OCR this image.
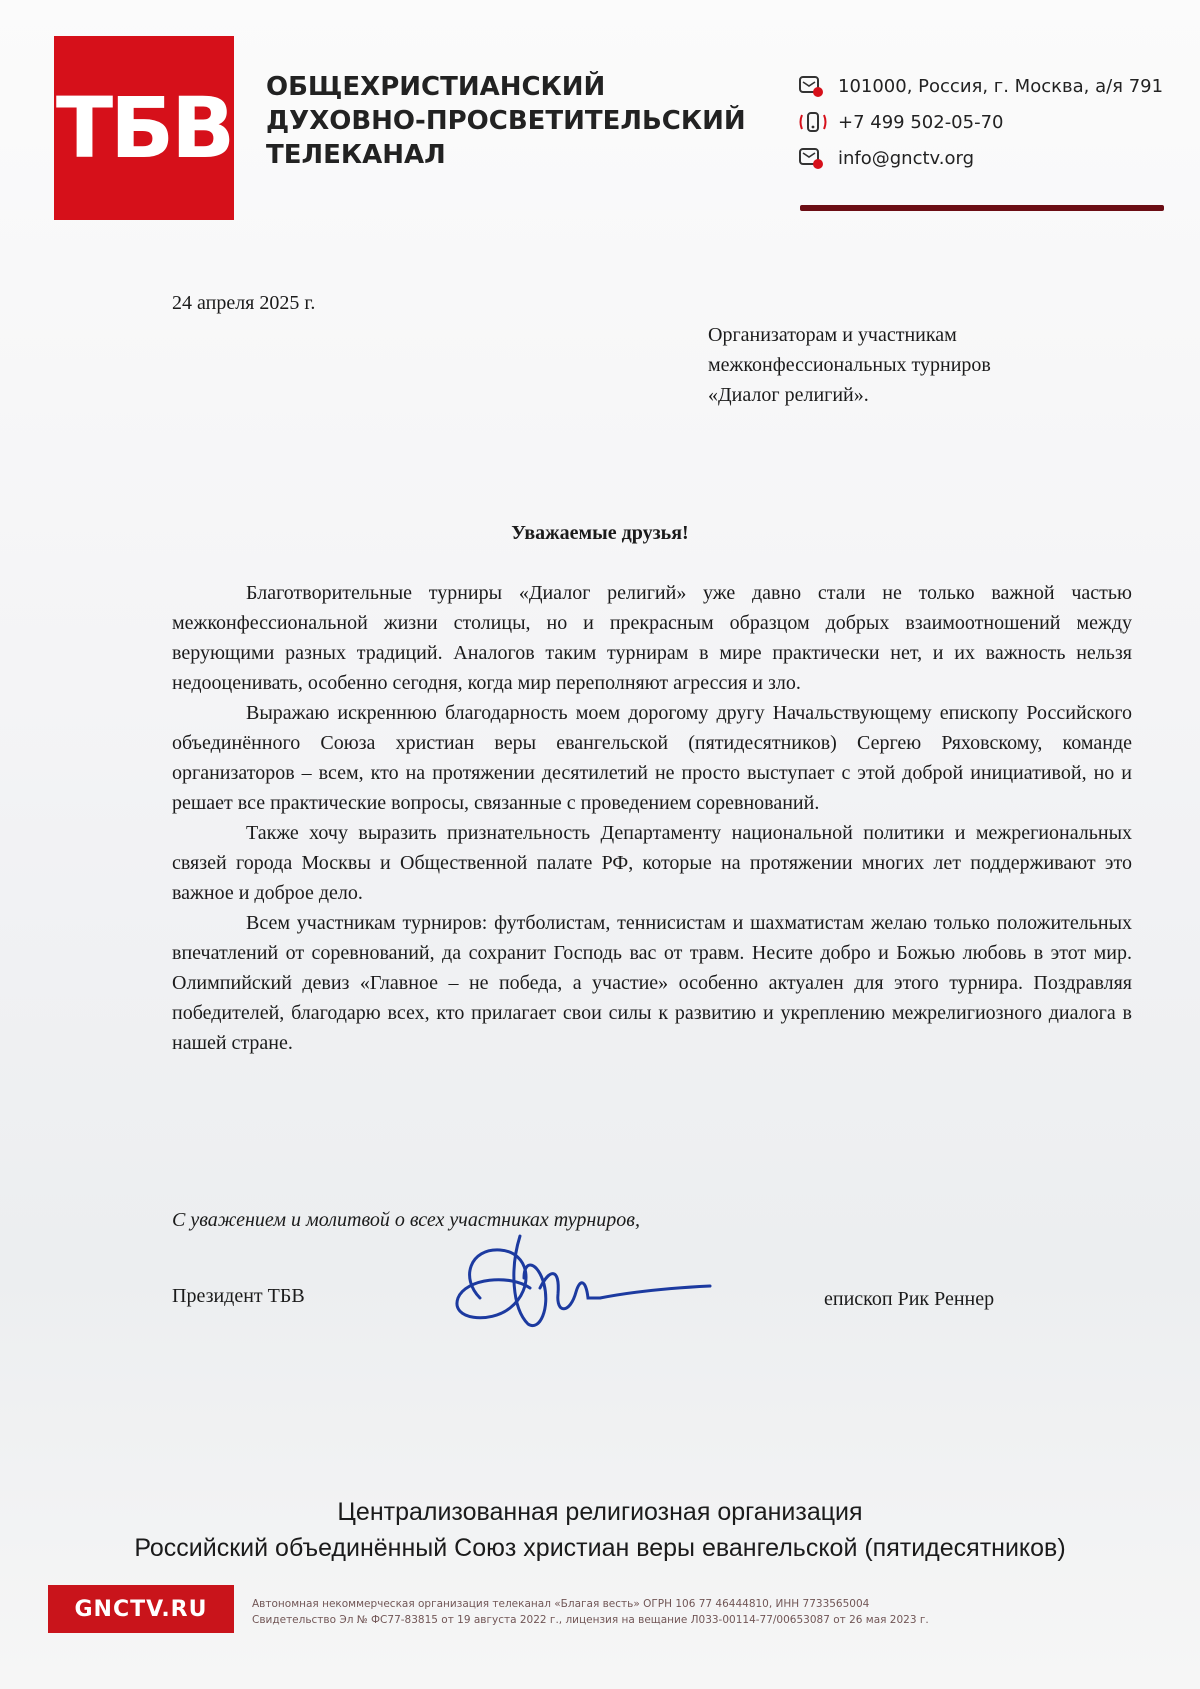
ТБВ ОБЩЕХРИСТИАНСКИЙ
ДУХОВНО-ПРОСВЕТИТЕЛЬСКИЙ
ТЕЛЕКАНАЛ
101000, Россия, г. Москва, а/я 791
+7 499 502-05-70
info@gnctv.org
24 апреля 2025 г.
Организаторам и участникам
межконфессиональных турниров
«Диалог религий».
Уважаемые друзья!

Благотворительные турниры «Диалог религий» уже давно стали не только важной частью межконфессиональной жизни столицы, но и прекрасным образцом добрых взаимоотношений между верующими разных традиций. Аналогов таким турнирам в мире практически нет, и их важность нельзя недооценивать, особенно сегодня, когда мир переполняют агрессия и зло.

Выражаю искреннюю благодарность моем дорогому другу Начальствующему епископу Российского объединённого Союза христиан веры евангельской (пятидесятников) Сергею Ряховскому, команде организаторов – всем, кто на протяжении десятилетий не просто выступает с этой доброй инициативой, но и решает все практические вопросы, связанные с проведением соревнований.

Также хочу выразить признательность Департаменту национальной политики и межрегиональных связей города Москвы и Общественной палате РФ, которые на протяжении многих лет поддерживают это важное и доброе дело.

Всем участникам турниров: футболистам, теннисистам и шахматистам желаю только положительных впечатлений от соревнований, да сохранит Господь вас от травм. Несите добро и Божью любовь в этот мир. Олимпийский девиз «Главное – не победа, а участие» особенно актуален для этого турнира. Поздравляя победителей, благодарю всех, кто прилагает свои силы к развитию и укреплению межрелигиозного диалога в нашей стране.

С уважением и молитвой о всех участниках турниров,
Президент ТБВ	епископ Рик Реннер
Централизованная религиозная организация
Российский объединённый Союз христиан веры евангельской (пятидесятников)
GNCTV.RU	Автономная некоммерческая организация телеканал «Благая весть» ОГРН 106 77 46444810, ИНН 7733565004
Свидетельство Эл № ФС77-83815 от 19 августа 2022 г., лицензия на вещание Л033-00114-77/00653087 от 26 мая 2023 г.
